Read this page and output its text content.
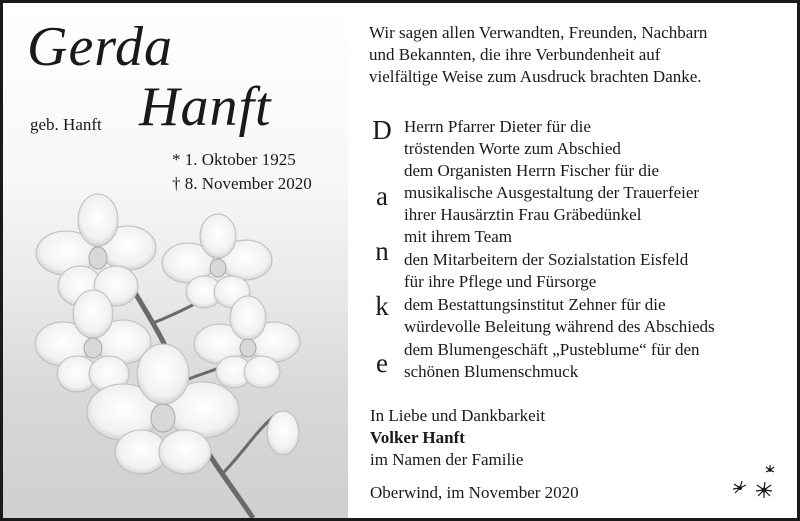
Gerda
Hanft
geb. Hanft
* 1. Oktober 1925
† 8. November 2020
Wir sagen allen Verwandten, Freunden, Nachbarn
und Bekannten, die ihre Verbundenheit auf
vielfältige Weise zum Ausdruck brachten Danke.
D
a
n
k
e
Herrn Pfarrer Dieter für die
tröstenden Worte zum Abschied
dem Organisten Herrn Fischer für die
musikalische Ausgestaltung der Trauerfeier
ihrer Hausärztin Frau Gräbedünkel
mit ihrem Team
den Mitarbeitern der Sozialstation Eisfeld
für ihre Pflege und Fürsorge
dem Bestattungsinstitut Zehner für die
würdevolle Beleitung während des Abschieds
dem Blumengeschäft „Pusteblume“ für den
schönen Blumenschmuck
In Liebe und Dankbarkeit
Volker Hanft
im Namen der Familie
Oberwind, im November 2020
